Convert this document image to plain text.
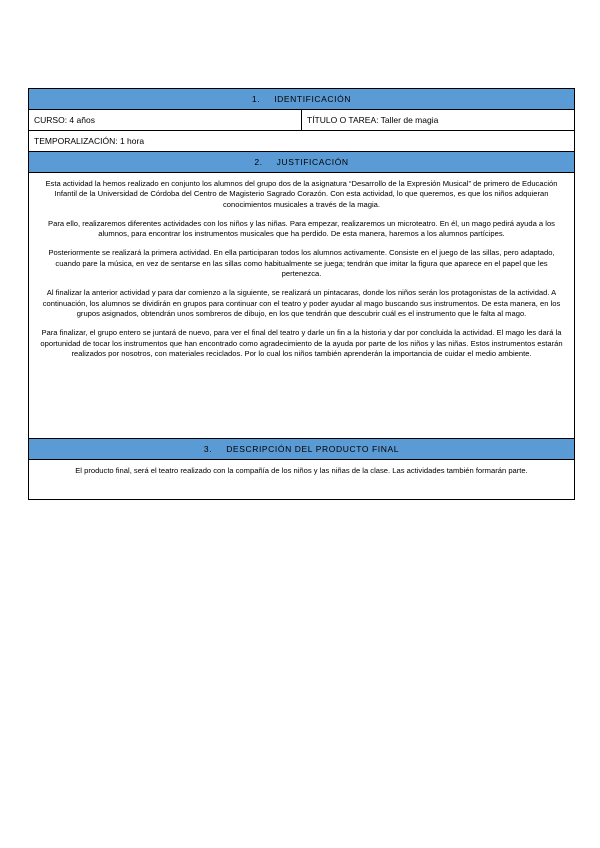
1. IDENTIFICACIÓN
CURSO: 4 años	TÍTULO O TAREA: Taller de magia
TEMPORALIZACIÓN: 1 hora
2. JUSTIFICACIÓN

Esta actividad la hemos realizado en conjunto los alumnos del grupo dos de la asignatura “Desarrollo de la Expresión Musical” de primero de Educación Infantil de la Universidad de Córdoba del Centro de Magisterio Sagrado Corazón. Con esta actividad, lo que queremos, es que los niños adquieran conocimientos musicales a través de la magia.

Para ello, realizaremos diferentes actividades con los niños y las niñas. Para empezar, realizaremos un microteatro. En él, un mago pedirá ayuda a los alumnos, para encontrar los instrumentos musicales que ha perdido. De esta manera, haremos a los alumnos partícipes.

Posteriormente se realizará la primera actividad. En ella participaran todos los alumnos activamente. Consiste en el juego de las sillas, pero adaptado, cuando pare la música, en vez de sentarse en las sillas como habitualmente se juega; tendrán que imitar la figura que aparece en el papel que les pertenezca.

Al finalizar la anterior actividad y para dar comienzo a la siguiente, se realizará un pintacaras, donde los niños serán los protagonistas de la actividad. A continuación, los alumnos se dividirán en grupos para continuar con el teatro y poder ayudar al mago buscando sus instrumentos. De esta manera, en los grupos asignados, obtendrán unos sombreros de dibujo, en los que tendrán que descubrir cuál es el instrumento que le falta al mago.

Para finalizar, el grupo entero se juntará de nuevo, para ver el final del teatro y darle un fin a la historia y dar por concluida la actividad. El mago les dará la oportunidad de tocar los instrumentos que han encontrado como agradecimiento de la ayuda por parte de los niños y las niñas. Estos instrumentos estarán realizados por nosotros, con materiales reciclados. Por lo cual los niños también aprenderán la importancia de cuidar el medio ambiente.

3. DESCRIPCIÓN DEL PRODUCTO FINAL

El producto final, será el teatro realizado con la compañía de los niños y las niñas de la clase. Las actividades también formarán parte.
